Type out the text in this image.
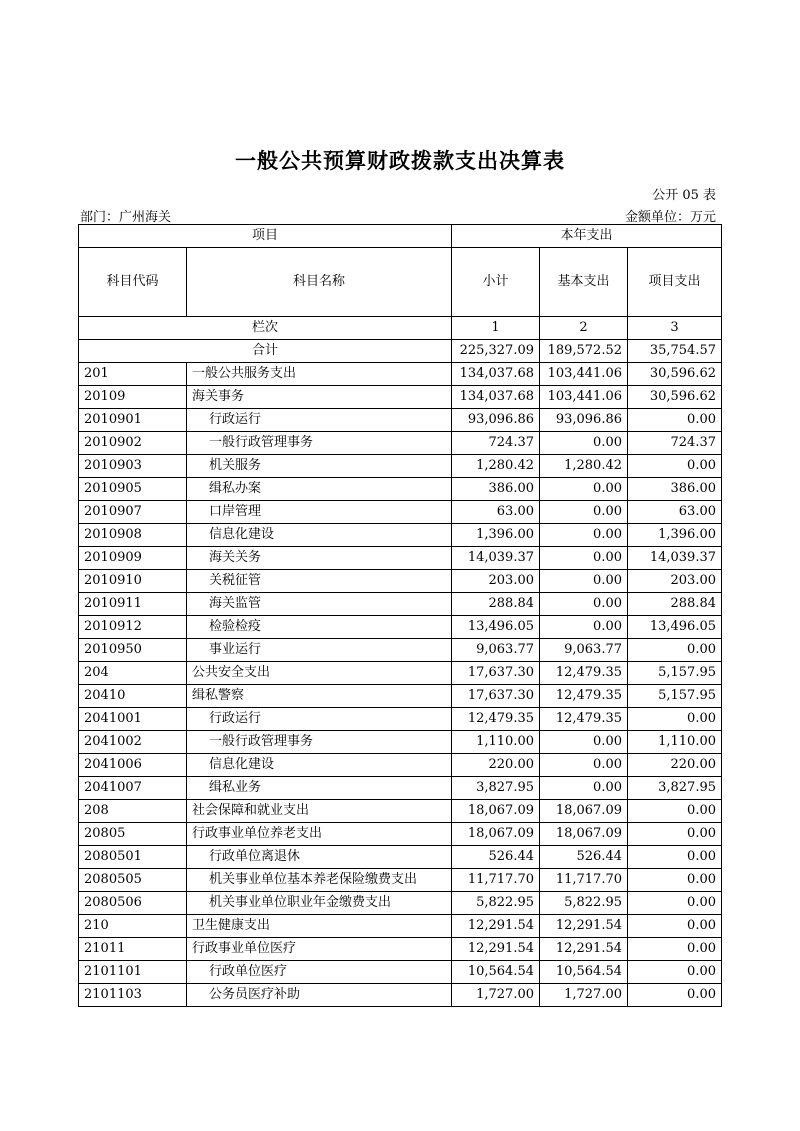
一般公共预算财政拨款支出决算表
公开 05 表
部门：广州海关	金额单位：万元
项目		本年支出		
科目代码	科目名称	小计	基本支出	项目支出
栏次		1	2	3
合计		225,327.09	189,572.52	35,754.57
201	一般公共服务支出	134,037.68	103,441.06	30,596.62
20109	海关事务	134,037.68	103,441.06	30,596.62
2010901	行政运行	93,096.86	93,096.86	0.00
2010902	一般行政管理事务	724.37	0.00	724.37
2010903	机关服务	1,280.42	1,280.42	0.00
2010905	缉私办案	386.00	0.00	386.00
2010907	口岸管理	63.00	0.00	63.00
2010908	信息化建设	1,396.00	0.00	1,396.00
2010909	海关关务	14,039.37	0.00	14,039.37
2010910	关税征管	203.00	0.00	203.00
2010911	海关监管	288.84	0.00	288.84
2010912	检验检疫	13,496.05	0.00	13,496.05
2010950	事业运行	9,063.77	9,063.77	0.00
204	公共安全支出	17,637.30	12,479.35	5,157.95
20410	缉私警察	17,637.30	12,479.35	5,157.95
2041001	行政运行	12,479.35	12,479.35	0.00
2041002	一般行政管理事务	1,110.00	0.00	1,110.00
2041006	信息化建设	220.00	0.00	220.00
2041007	缉私业务	3,827.95	0.00	3,827.95
208	社会保障和就业支出	18,067.09	18,067.09	0.00
20805	行政事业单位养老支出	18,067.09	18,067.09	0.00
2080501	行政单位离退休	526.44	526.44	0.00
2080505	机关事业单位基本养老保险缴费支出	11,717.70	11,717.70	0.00
2080506	机关事业单位职业年金缴费支出	5,822.95	5,822.95	0.00
210	卫生健康支出	12,291.54	12,291.54	0.00
21011	行政事业单位医疗	12,291.54	12,291.54	0.00
2101101	行政单位医疗	10,564.54	10,564.54	0.00
2101103	公务员医疗补助	1,727.00	1,727.00	0.00
